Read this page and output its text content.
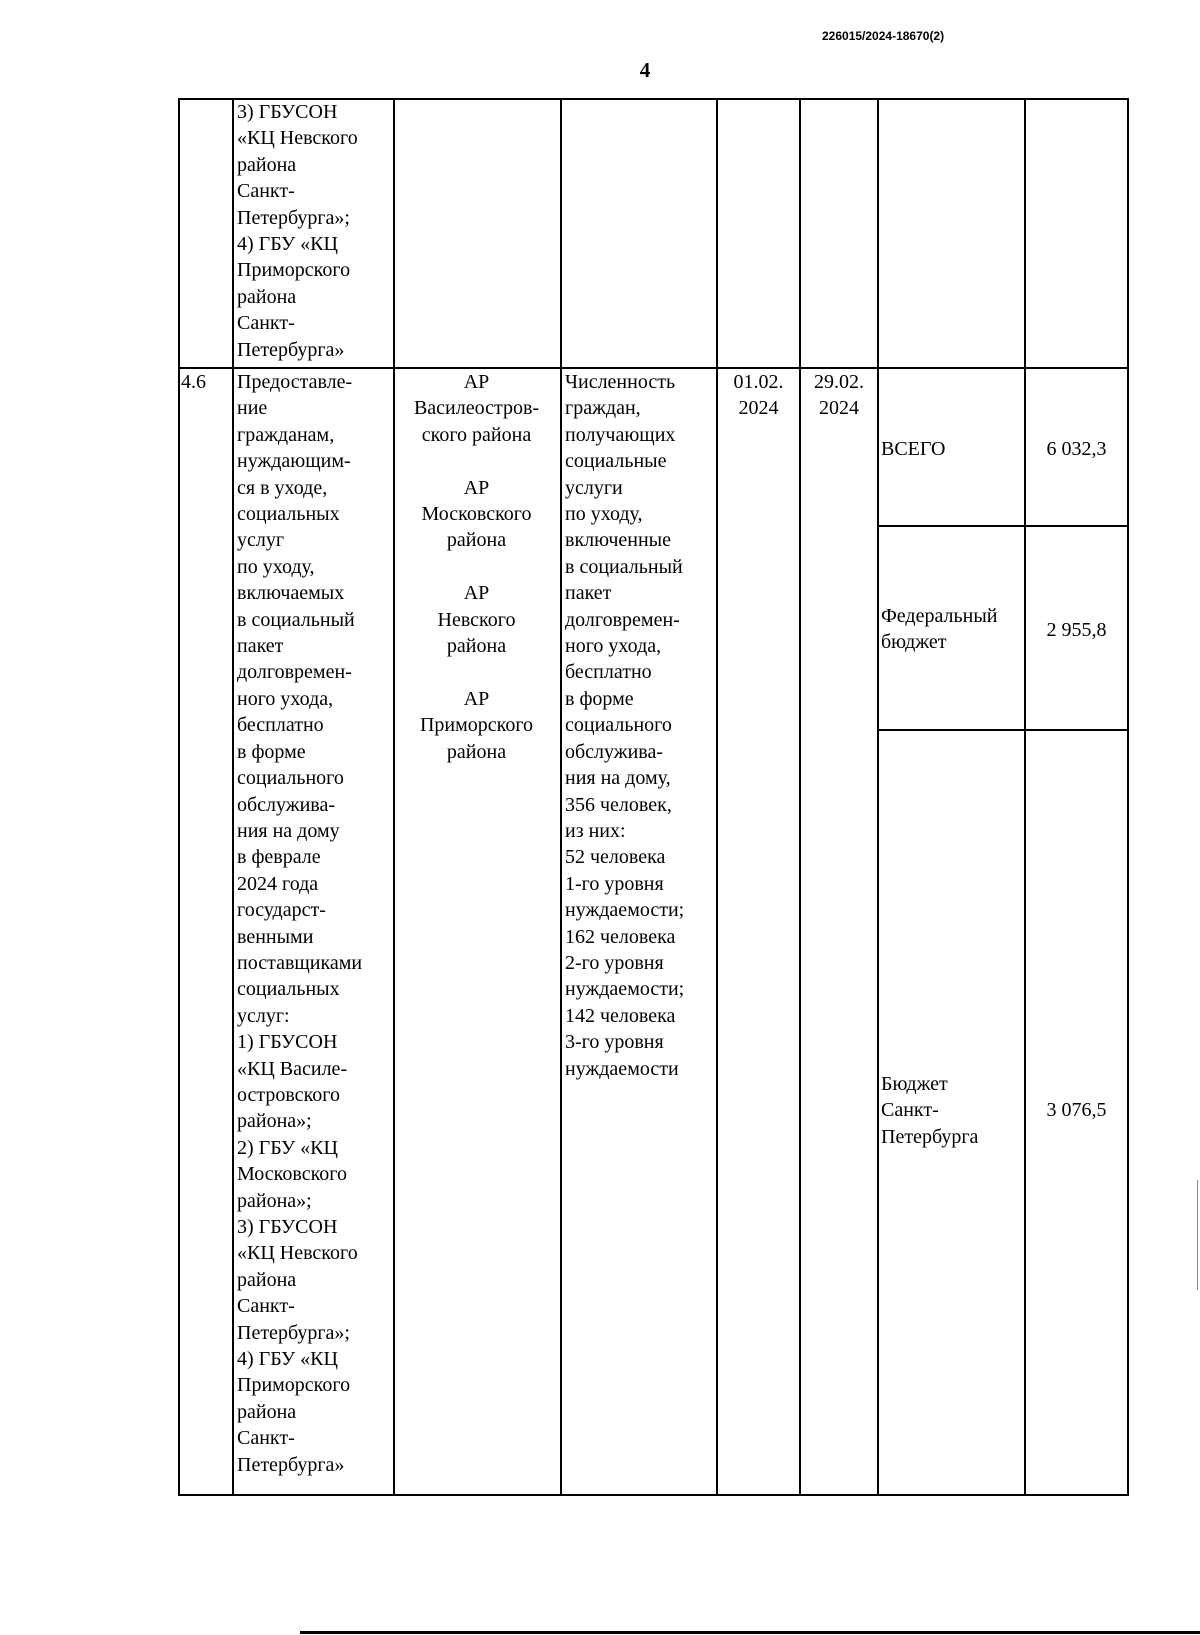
226015/2024-18670(2)
4
3) ГБУСОН
«КЦ Невского
района
Санкт-
Петербурга»;
4) ГБУ «КЦ
Приморского
района
Санкт-
Петербурга»
4.6	Предоставле-
ние
гражданам,
нуждающим-
ся в уходе,
социальных
услуг
по уходу,
включаемых
в социальный
пакет
долговремен-
ного ухода,
бесплатно
в форме
социального
обслужива-
ния на дому
в феврале
2024 года
государст-
венными
поставщиками
социальных
услуг:
1) ГБУСОН
«КЦ Василе-
островского
района»;
2) ГБУ «КЦ
Московского
района»;
3) ГБУСОН
«КЦ Невского
района
Санкт-
Петербурга»;
4) ГБУ «КЦ
Приморского
района
Санкт-
Петербурга»
АР
Василеостров-
ского района

АР
Московского
района

АР
Невского
района

АР
Приморского
района
Численность
граждан,
получающих
социальные
услуги
по уходу,
включенные
в социальный
пакет
долговремен-
ного ухода,
бесплатно
в форме
социального
обслужива-
ния на дому,
356 человек,
из них:
52 человека
1-го уровня
нуждаемости;
162 человека
2-го уровня
нуждаемости;
142 человека
3-го уровня
нуждаемости
01.02.
2024
29.02.
2024
ВСЕГО	6 032,3
Федеральный
бюджет
2 955,8
Бюджет
Санкт-
Петербурга
3 076,5
